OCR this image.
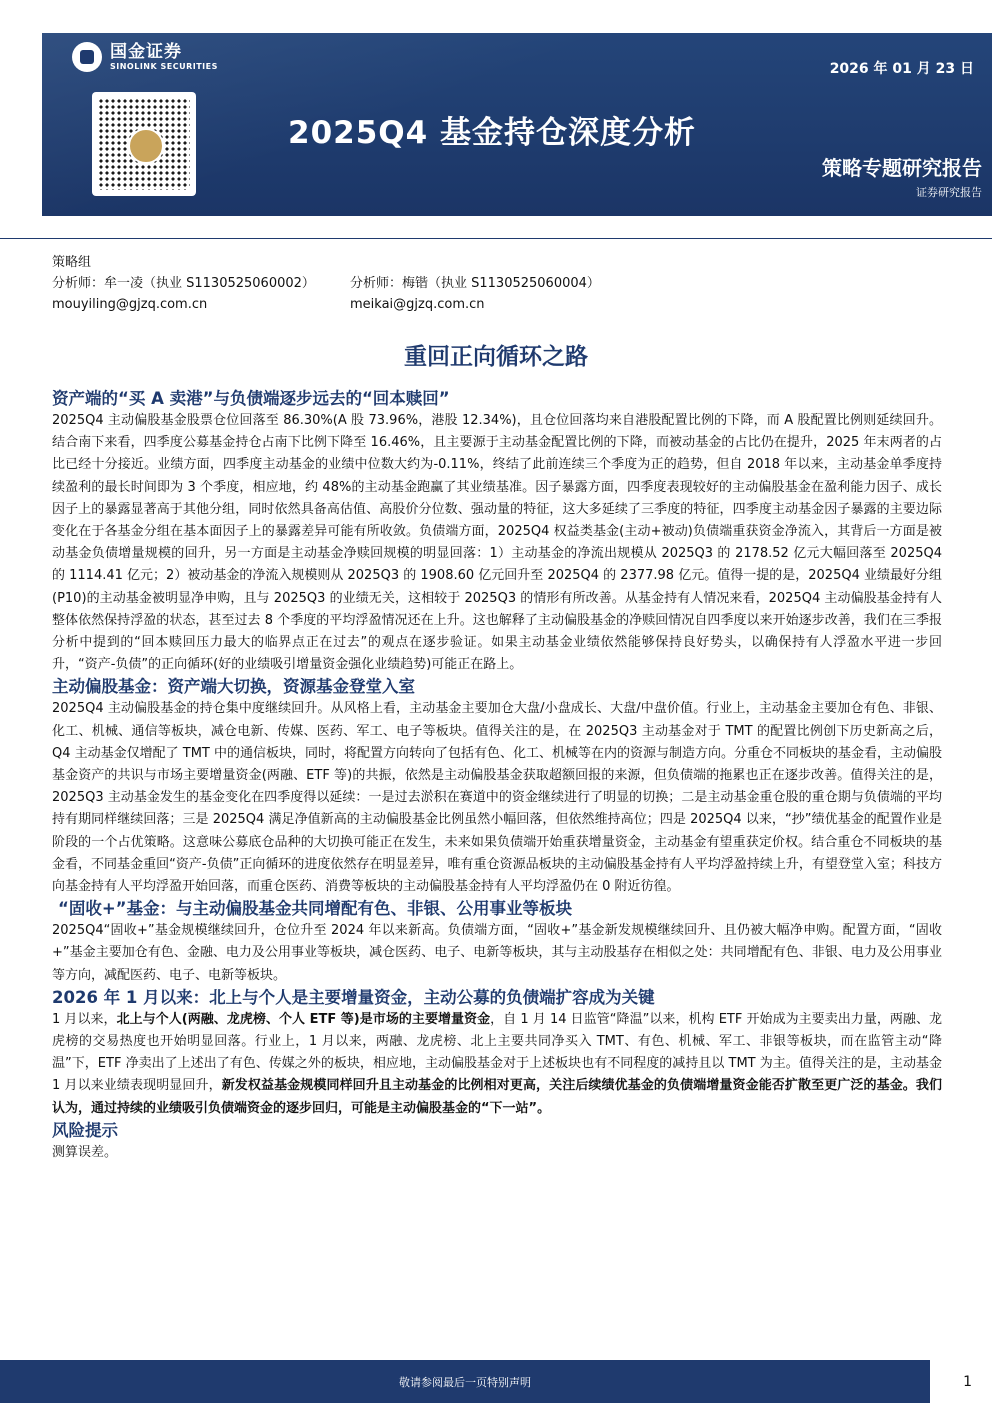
国金证券
SINOLINK SECURITIES	2026 年 01 月 23 日
2025Q4 基金持仓深度分析
策略专题研究报告
证券研究报告
策略组
分析师：牟一凌（执业 S1130525060002）	分析师：梅锴（执业 S1130525060004）
mouyiling@gjzq.com.cn	meikai@gjzq.com.cn
重回正向循环之路
资产端的“买 A 卖港”与负债端逐步远去的“回本赎回”

2025Q4 主动偏股基金股票仓位回落至 86.30%(A 股 73.96%，港股 12.34%)，且仓位回落均来自港股配置比例的下降，而 A 股配置比例则延续回升。结合南下来看，四季度公募基金持仓占南下比例下降至 16.46%，且主要源于主动基金配置比例的下降，而被动基金的占比仍在提升，2025 年末两者的占比已经十分接近。业绩方面，四季度主动基金的业绩中位数大约为-0.11%，终结了此前连续三个季度为正的趋势，但自 2018 年以来，主动基金单季度持续盈利的最长时间即为 3 个季度，相应地，约 48%的主动基金跑赢了其业绩基准。因子暴露方面，四季度表现较好的主动偏股基金在盈利能力因子、成长因子上的暴露显著高于其他分组，同时依然具备高估值、高股价分位数、强动量的特征，这大多延续了三季度的特征，四季度主动基金因子暴露的主要边际变化在于各基金分组在基本面因子上的暴露差异可能有所收敛。负债端方面，2025Q4 权益类基金(主动+被动)负债端重获资金净流入，其背后一方面是被动基金负债增量规模的回升，另一方面是主动基金净赎回规模的明显回落：1）主动基金的净流出规模从 2025Q3 的 2178.52 亿元大幅回落至 2025Q4 的 1114.41 亿元；2）被动基金的净流入规模则从 2025Q3 的 1908.60 亿元回升至 2025Q4 的 2377.98 亿元。值得一提的是，2025Q4 业绩最好分组(P10)的主动基金被明显净申购，且与 2025Q3 的业绩无关，这相较于 2025Q3 的情形有所改善。从基金持有人情况来看，2025Q4 主动偏股基金持有人整体依然保持浮盈的状态，甚至过去 8 个季度的平均浮盈情况还在上升。这也解释了主动偏股基金的净赎回情况自四季度以来开始逐步改善，我们在三季报分析中提到的“回本赎回压力最大的临界点正在过去”的观点在逐步验证。如果主动基金业绩依然能够保持良好势头，以确保持有人浮盈水平进一步回升，“资产-负债”的正向循环(好的业绩吸引增量资金强化业绩趋势)可能正在路上。

主动偏股基金：资产端大切换，资源基金登堂入室

2025Q4 主动偏股基金的持仓集中度继续回升。从风格上看，主动基金主要加仓大盘/小盘成长、大盘/中盘价值。行业上，主动基金主要加仓有色、非银、化工、机械、通信等板块，减仓电新、传媒、医药、军工、电子等板块。值得关注的是，在 2025Q3 主动基金对于 TMT 的配置比例创下历史新高之后，Q4 主动基金仅增配了 TMT 中的通信板块，同时，将配置方向转向了包括有色、化工、机械等在内的资源与制造方向。分重仓不同板块的基金看，主动偏股基金资产的共识与市场主要增量资金(两融、ETF 等)的共振，依然是主动偏股基金获取超额回报的来源，但负债端的拖累也正在逐步改善。值得关注的是，2025Q3 主动基金发生的基金变化在四季度得以延续：一是过去淤积在赛道中的资金继续进行了明显的切换；二是主动基金重仓股的重仓期与负债端的平均持有期同样继续回落；三是 2025Q4 满足净值新高的主动偏股基金比例虽然小幅回落，但依然维持高位；四是 2025Q4 以来，“抄”绩优基金的配置作业是阶段的一个占优策略。这意味公募底仓品种的大切换可能正在发生，未来如果负债端开始重获增量资金，主动基金有望重获定价权。结合重仓不同板块的基金看，不同基金重回“资产-负债”正向循环的进度依然存在明显差异，唯有重仓资源品板块的主动偏股基金持有人平均浮盈持续上升，有望登堂入室；科技方向基金持有人平均浮盈开始回落，而重仓医药、消费等板块的主动偏股基金持有人平均浮盈仍在 0 附近彷徨。

“固收+”基金：与主动偏股基金共同增配有色、非银、公用事业等板块

2025Q4“固收+”基金规模继续回升，仓位升至 2024 年以来新高。负债端方面，“固收+”基金新发规模继续回升、且仍被大幅净申购。配置方面，“固收+”基金主要加仓有色、金融、电力及公用事业等板块，减仓医药、电子、电新等板块，其与主动股基存在相似之处：共同增配有色、非银、电力及公用事业等方向，减配医药、电子、电新等板块。

2026 年 1 月以来：北上与个人是主要增量资金，主动公募的负债端扩容成为关键

1 月以来，北上与个人(两融、龙虎榜、个人 ETF 等)是市场的主要增量资金，自 1 月 14 日监管“降温”以来，机构 ETF 开始成为主要卖出力量，两融、龙虎榜的交易热度也开始明显回落。行业上，1 月以来，两融、龙虎榜、北上主要共同净买入 TMT、有色、机械、军工、非银等板块，而在监管主动“降温”下，ETF 净卖出了上述出了有色、传媒之外的板块，相应地，主动偏股基金对于上述板块也有不同程度的减持且以 TMT 为主。值得关注的是，主动基金 1 月以来业绩表现明显回升，新发权益基金规模同样回升且主动基金的比例相对更高，关注后续绩优基金的负债端增量资金能否扩散至更广泛的基金。我们认为，通过持续的业绩吸引负债端资金的逐步回归，可能是主动偏股基金的“下一站”。

风险提示

测算误差。

敬请参阅最后一页特别声明	1
